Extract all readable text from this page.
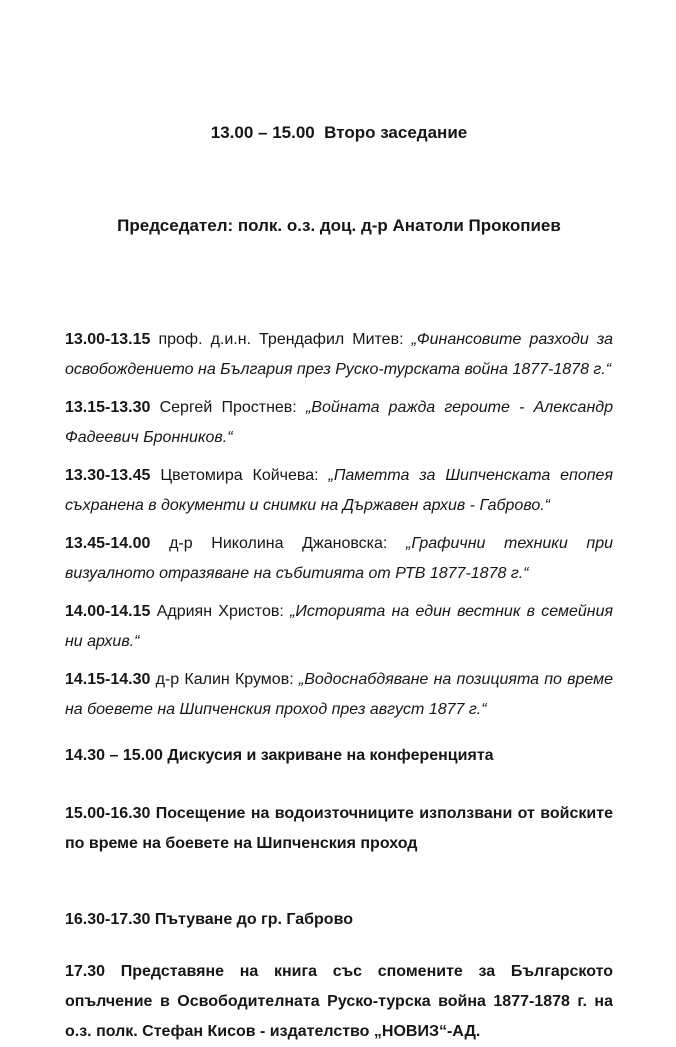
13.00 – 15.00  Второ заседание

Председател: полк. о.з. доц. д-р Анатоли Прокопиев

13.00-13.15 проф. д.и.н. Трендафил Митев: „Финансовите разходи за освобождението на България през Руско-турската война 1877-1878 г.“

13.15-13.30 Сергей Простнев: „Войната ражда героите - Александр Фадеевич Бронников.“

13.30-13.45 Цветомира Койчева: „Паметта за Шипченската епопея съхранена в документи и снимки на Държавен архив - Габрово.“

13.45-14.00 д-р Николина Джановска: „Графични техники при визуалното отразяване на събитията от РТВ 1877-1878 г.“

14.00-14.15 Адриян Христов: „Историята на един вестник в семейния ни архив.“

14.15-14.30 д-р Калин Крумов: „Водоснабдяване на позицията по време на боевете на Шипченския проход през август 1877 г.“

14.30 – 15.00 Дискусия и закриване на конференцията

15.00-16.30 Посещение на водоизточниците използвани от войските по време на боевете на Шипченския проход

16.30-17.30 Пътуване до гр. Габрово

17.30 Представяне на книга със спомените за Българското опълчение в Освободителната Руско-турска война 1877-1878 г. на о.з. полк. Стефан Кисов - издателство „НОВИЗ“-АД.
